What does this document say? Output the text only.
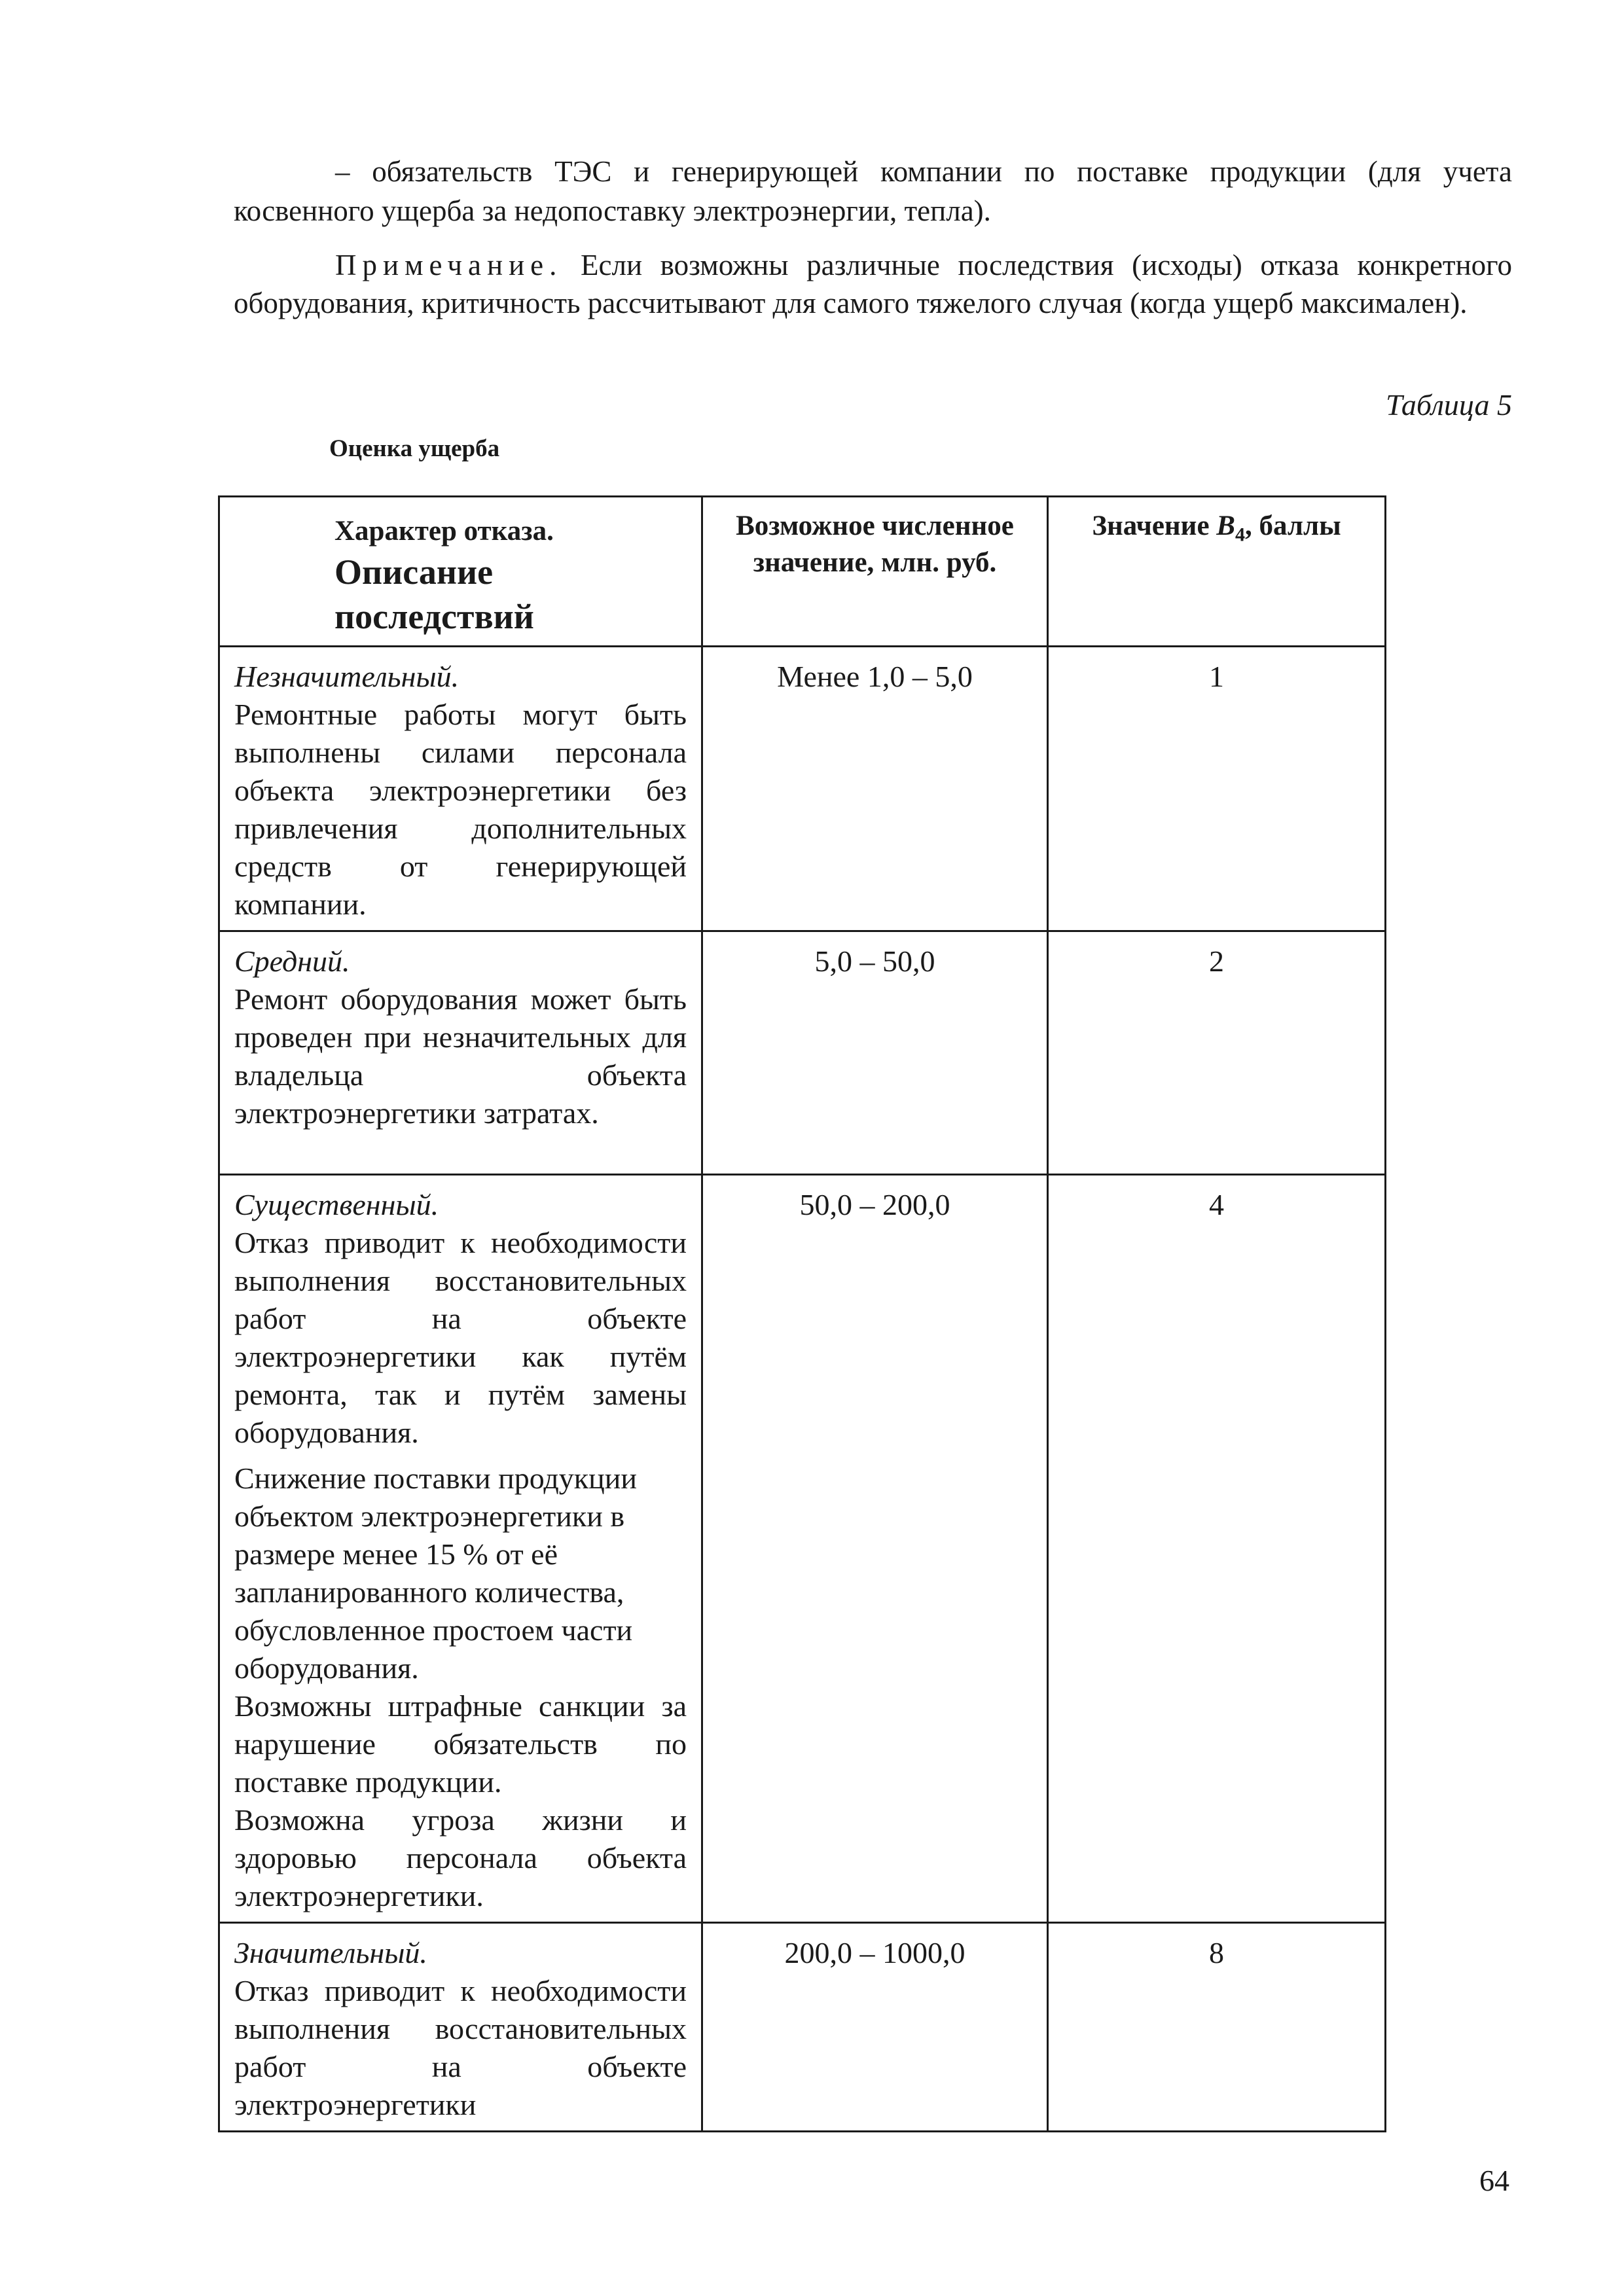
– обязательств ТЭС и генерирующей компании по поставке продукции (для учета косвенного ущерба за недопоставку электроэнергии, тепла).

Примечание. Если возможны различные последствия (исходы) отказа конкретного оборудования, критичность рассчитывают для самого тяжелого случая (когда ущерб максимален).

Таблица 5
Оценка ущерба
Характер отказа.
Описание
последствий	Возможное численное значение, млн. руб.	Значение $B_4$, баллы

Незначительный.

Ремонтные работы могут быть выполнены силами персонала объекта электроэнергетики без привлечения дополнительных средств от генерирующей компании.	Менее 1,0 – 5,0	1

Средний.

Ремонт оборудования может быть проведен при незначительных для владельца объекта электроэнергетики затратах.	5,0 – 50,0	2

Существенный.

Отказ приводит к необходимости выполнения восстановительных работ на объекте электроэнергетики как путём ремонта, так и путём замены оборудования.

Снижение поставки продукции объектом электроэнергетики в размере менее 15 % от её запланированного количества, обусловленное простоем части оборудования.

Возможны штрафные санкции за нарушение обязательств по поставке продукции.

Возможна угроза жизни и здоровью персонала объекта электроэнергетики.	50,0 – 200,0	4

Значительный.

Отказ приводит к необходимости выполнения восстановительных работ на объекте электроэнергетики	200,0 – 1000,0	8
64
